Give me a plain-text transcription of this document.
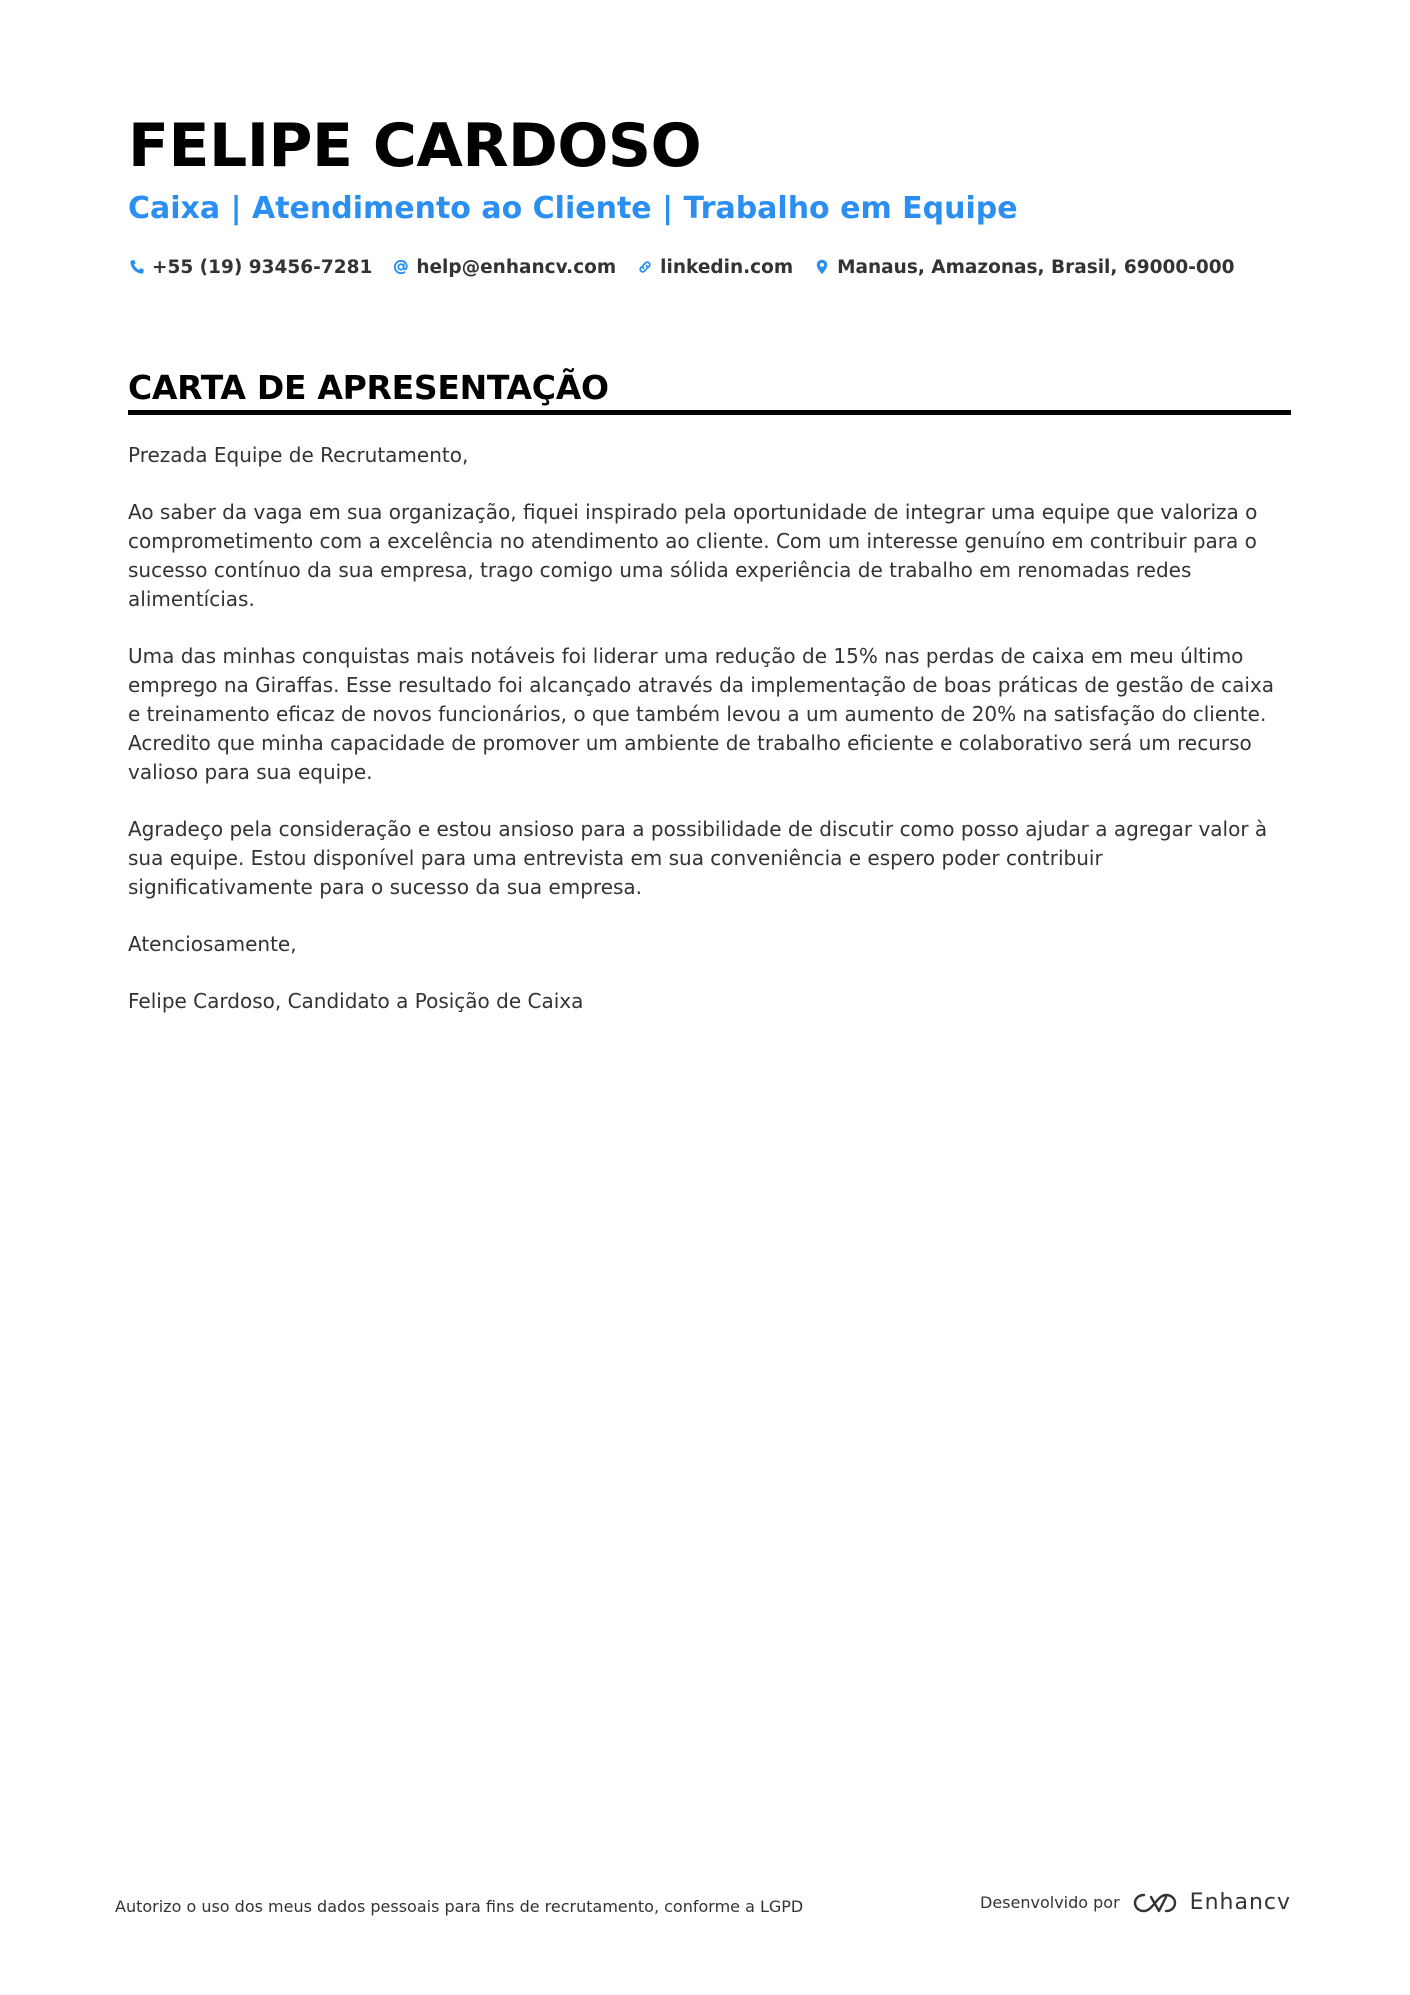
FELIPE CARDOSO
Caixa | Atendimento ao Cliente | Trabalho em Equipe
+55 (19) 93456-7281 help@enhancv.com linkedin.com Manaus, Amazonas, Brasil, 69000-000
CARTA DE APRESENTAÇÃO

Prezada Equipe de Recrutamento,

Ao saber da vaga em sua organização, fiquei inspirado pela oportunidade de integrar uma equipe que valoriza o comprometimento com a excelência no atendimento ao cliente. Com um interesse genuíno em contribuir para o sucesso contínuo da sua empresa, trago comigo uma sólida experiência de trabalho em renomadas redes alimentícias.

Uma das minhas conquistas mais notáveis foi liderar uma redução de 15% nas perdas de caixa em meu último emprego na Giraffas. Esse resultado foi alcançado através da implementação de boas práticas de gestão de caixa e treinamento eficaz de novos funcionários, o que também levou a um aumento de 20% na satisfação do cliente. Acredito que minha capacidade de promover um ambiente de trabalho eficiente e colaborativo será um recurso valioso para sua equipe.

Agradeço pela consideração e estou ansioso para a possibilidade de discutir como posso ajudar a agregar valor à sua equipe. Estou disponível para uma entrevista em sua conveniência e espero poder contribuir significativamente para o sucesso da sua empresa.

Atenciosamente,

Felipe Cardoso, Candidato a Posição de Caixa

Autorizo o uso dos meus dados pessoais para fins de recrutamento, conforme a LGPD	Desenvolvido por	Enhancv
